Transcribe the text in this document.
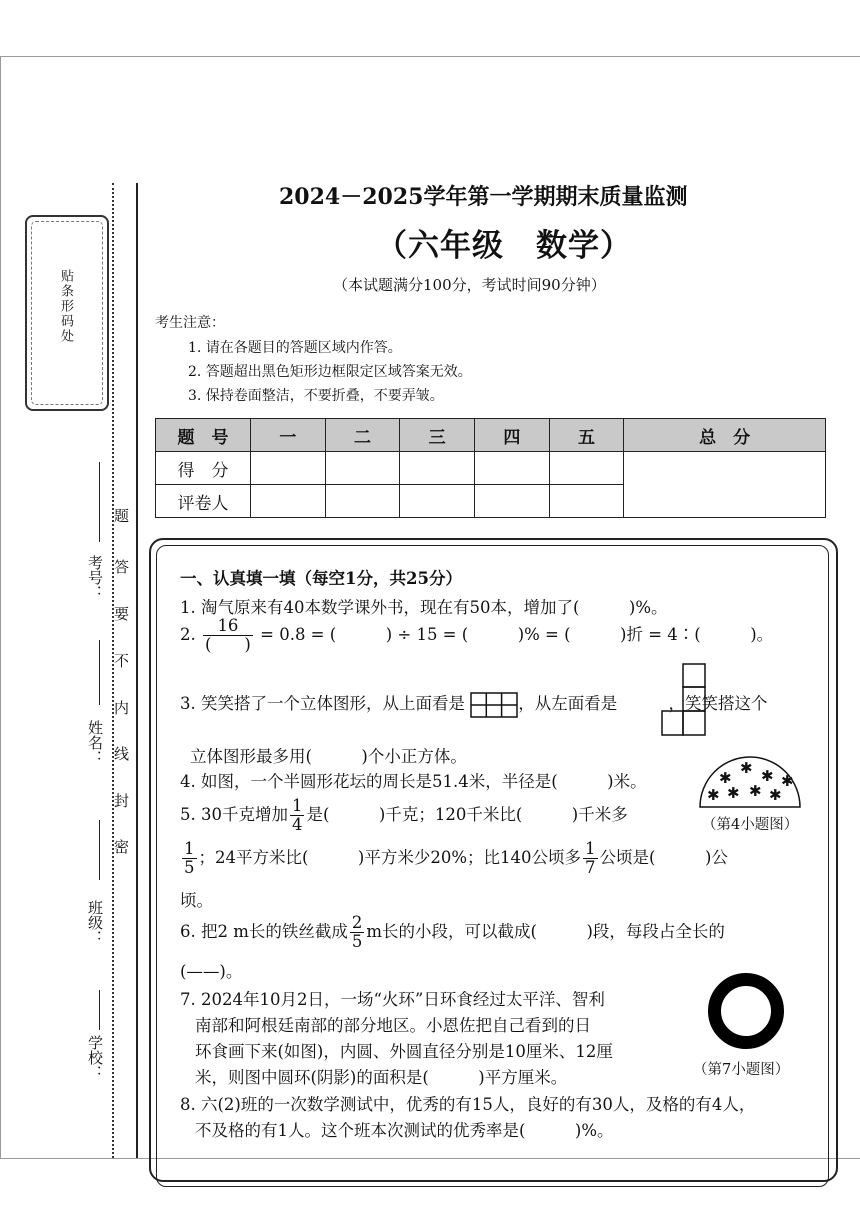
贴条形码处
学校：
班级：
姓名：
考号：
密
封
线
内
不
要
答
题
2024－2025学年第一学期期末质量监测
（六年级　数学）
（本试题满分100分，考试时间90分钟）
考生注意：
1. 请在各题目的答题区域内作答。
2. 答题超出黑色矩形边框限定区域答案无效。
3. 保持卷面整洁，不要折叠，不要弄皱。
题　号	一	二	三	四	五	总　分
得　分						
评卷人						
一、认真填一填（每空1分，共25分）
1. 淘气原来有40本数学课外书，现在有50本，增加了(　　　)%。
2. $\frac{16}{( )} = 0.8$ = (　　　) ÷ 15 = (　　　)% = (　　　)折 = 4∶(　　　)。
3. 笑笑搭了一个立体图形，从上面看是	，从左面看是	，笑笑搭这个
立体图形最多用(　　　)个小正方体。
4. 如图，一个半圆形花坛的周长是51.4米，半径是(　　　)米。	✱
✱ ✱
✱ ✱ ✱ ✱
✱
（第4小题图）
5. 30千克增加 $\frac{1}{4}$ 是(　　　)千克；120千米比(　　　)千米多
$\frac{1}{5}$ ；24平方米比(　　　)平方米少20%；比140公顷多 $\frac{1}{7}$ 公顷是(　　　)公
顷。
6. 把2 m长的铁丝截成 $\frac{2}{5}$ m长的小段，可以截成(　　　)段，每段占全长的
(——)。
7. 2024年10月2日，一场“火环”日环食经过太平洋、智利
南部和阿根廷南部的部分地区。小恩佐把自己看到的日
环食画下来(如图)，内圆、外圆直径分别是10厘米、12厘
米，则图中圆环(阴影)的面积是(　　　)平方厘米。	（第7小题图）
8. 六(2)班的一次数学测试中，优秀的有15人，良好的有30人，及格的有4人，
不及格的有1人。这个班本次测试的优秀率是(　　　)%。
